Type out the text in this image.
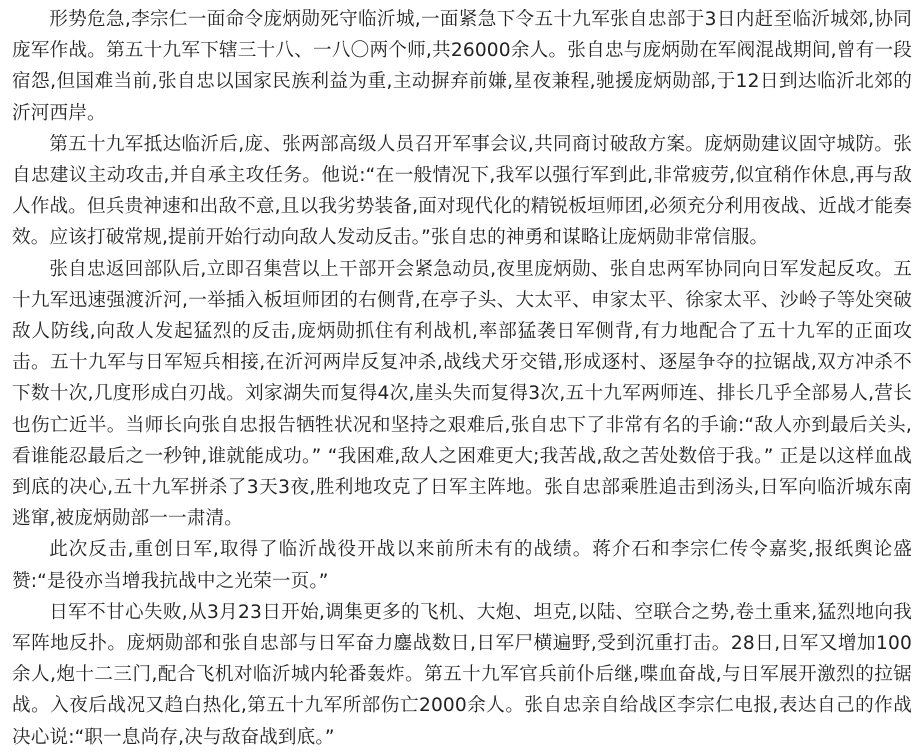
形势危急,李宗仁一面命令庞炳勋死守临沂城,一面紧急下令五十九军张自忠部于3日内赶至临沂城郊,协同庞军作战。第五十九军下辖三十八、一八〇两个师,共26000余人。张自忠与庞炳勋在军阀混战期间,曾有一段宿怨,但国难当前,张自忠以国家民族利益为重,主动摒弃前嫌,星夜兼程,驰援庞炳勋部,于12日到达临沂北郊的沂河西岸。

第五十九军抵达临沂后,庞、张两部高级人员召开军事会议,共同商讨破敌方案。庞炳勋建议固守城防。张自忠建议主动攻击,并自承主攻任务。他说:“在一般情况下,我军以强行军到此,非常疲劳,似宜稍作休息,再与敌人作战。但兵贵神速和出敌不意,且以我劣势装备,面对现代化的精锐板垣师团,必须充分利用夜战、近战才能奏效。应该打破常规,提前开始行动向敌人发动反击。”张自忠的神勇和谋略让庞炳勋非常信服。

张自忠返回部队后,立即召集营以上干部开会紧急动员,夜里庞炳勋、张自忠两军协同向日军发起反攻。五十九军迅速强渡沂河,一举插入板垣师团的右侧背,在亭子头、大太平、申家太平、徐家太平、沙岭子等处突破敌人防线,向敌人发起猛烈的反击,庞炳勋抓住有利战机,率部猛袭日军侧背,有力地配合了五十九军的正面攻击。五十九军与日军短兵相接,在沂河两岸反复冲杀,战线犬牙交错,形成逐村、逐屋争夺的拉锯战,双方冲杀不下数十次,几度形成白刃战。刘家湖失而复得4次,崖头失而复得3次,五十九军两师连、排长几乎全部易人,营长也伤亡近半。当师长向张自忠报告牺牲状况和坚持之艰难后,张自忠下了非常有名的手谕:“敌人亦到最后关头,看谁能忍最后之一秒钟,谁就能成功。” “我困难,敌人之困难更大;我苦战,敌之苦处数倍于我。” 正是以这样血战到底的决心,五十九军拼杀了3天3夜,胜利地攻克了日军主阵地。张自忠部乘胜追击到汤头,日军向临沂城东南逃窜,被庞炳勋部一一肃清。

此次反击,重创日军,取得了临沂战役开战以来前所未有的战绩。蒋介石和李宗仁传令嘉奖,报纸舆论盛赞:“是役亦当增我抗战中之光荣一页。”

日军不甘心失败,从3月23日开始,调集更多的飞机、大炮、坦克,以陆、空联合之势,卷土重来,猛烈地向我军阵地反扑。庞炳勋部和张自忠部与日军奋力鏖战数日,日军尸横遍野,受到沉重打击。28日,日军又增加100余人,炮十二三门,配合飞机对临沂城内轮番轰炸。第五十九军官兵前仆后继,喋血奋战,与日军展开激烈的拉锯战。入夜后战况又趋白热化,第五十九军所部伤亡2000余人。张自忠亲自给战区李宗仁电报,表达自己的作战决心说:“职一息尚存,决与敌奋战到底。”
